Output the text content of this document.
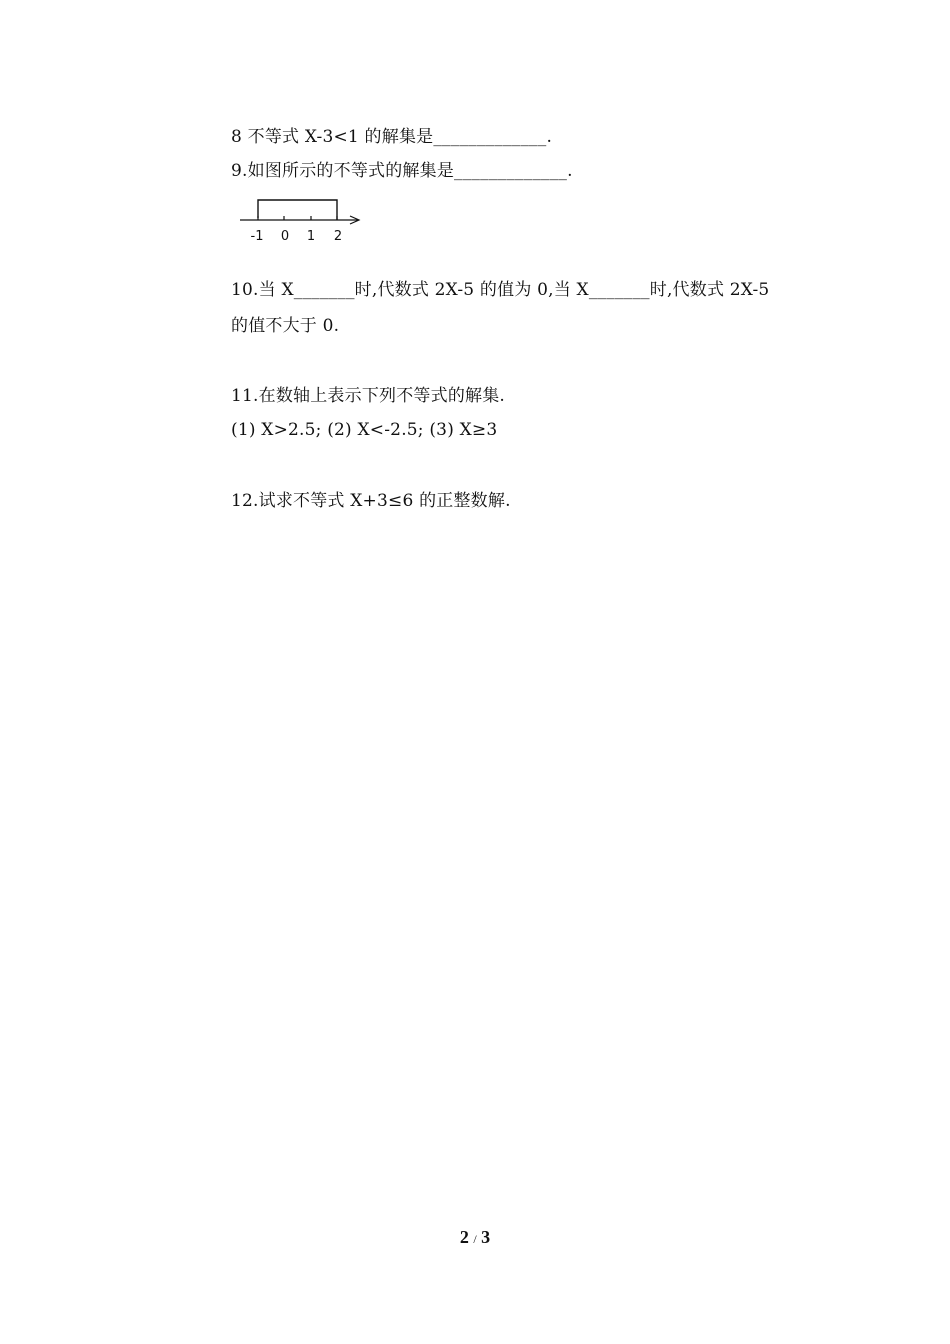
8 不等式 X-3<1 的解集是_____________.
9.如图所示的不等式的解集是_____________.
-1 0 1 2
10.当 X_______时,代数式 2X-5 的值为 0,当 X_______时,代数式 2X-5
的值不大于 0.
11.在数轴上表示下列不等式的解集.
(1) X>2.5; (2) X<-2.5; (3) X≥3
12.试求不等式 X+3≤6 的正整数解.
2 / 3
